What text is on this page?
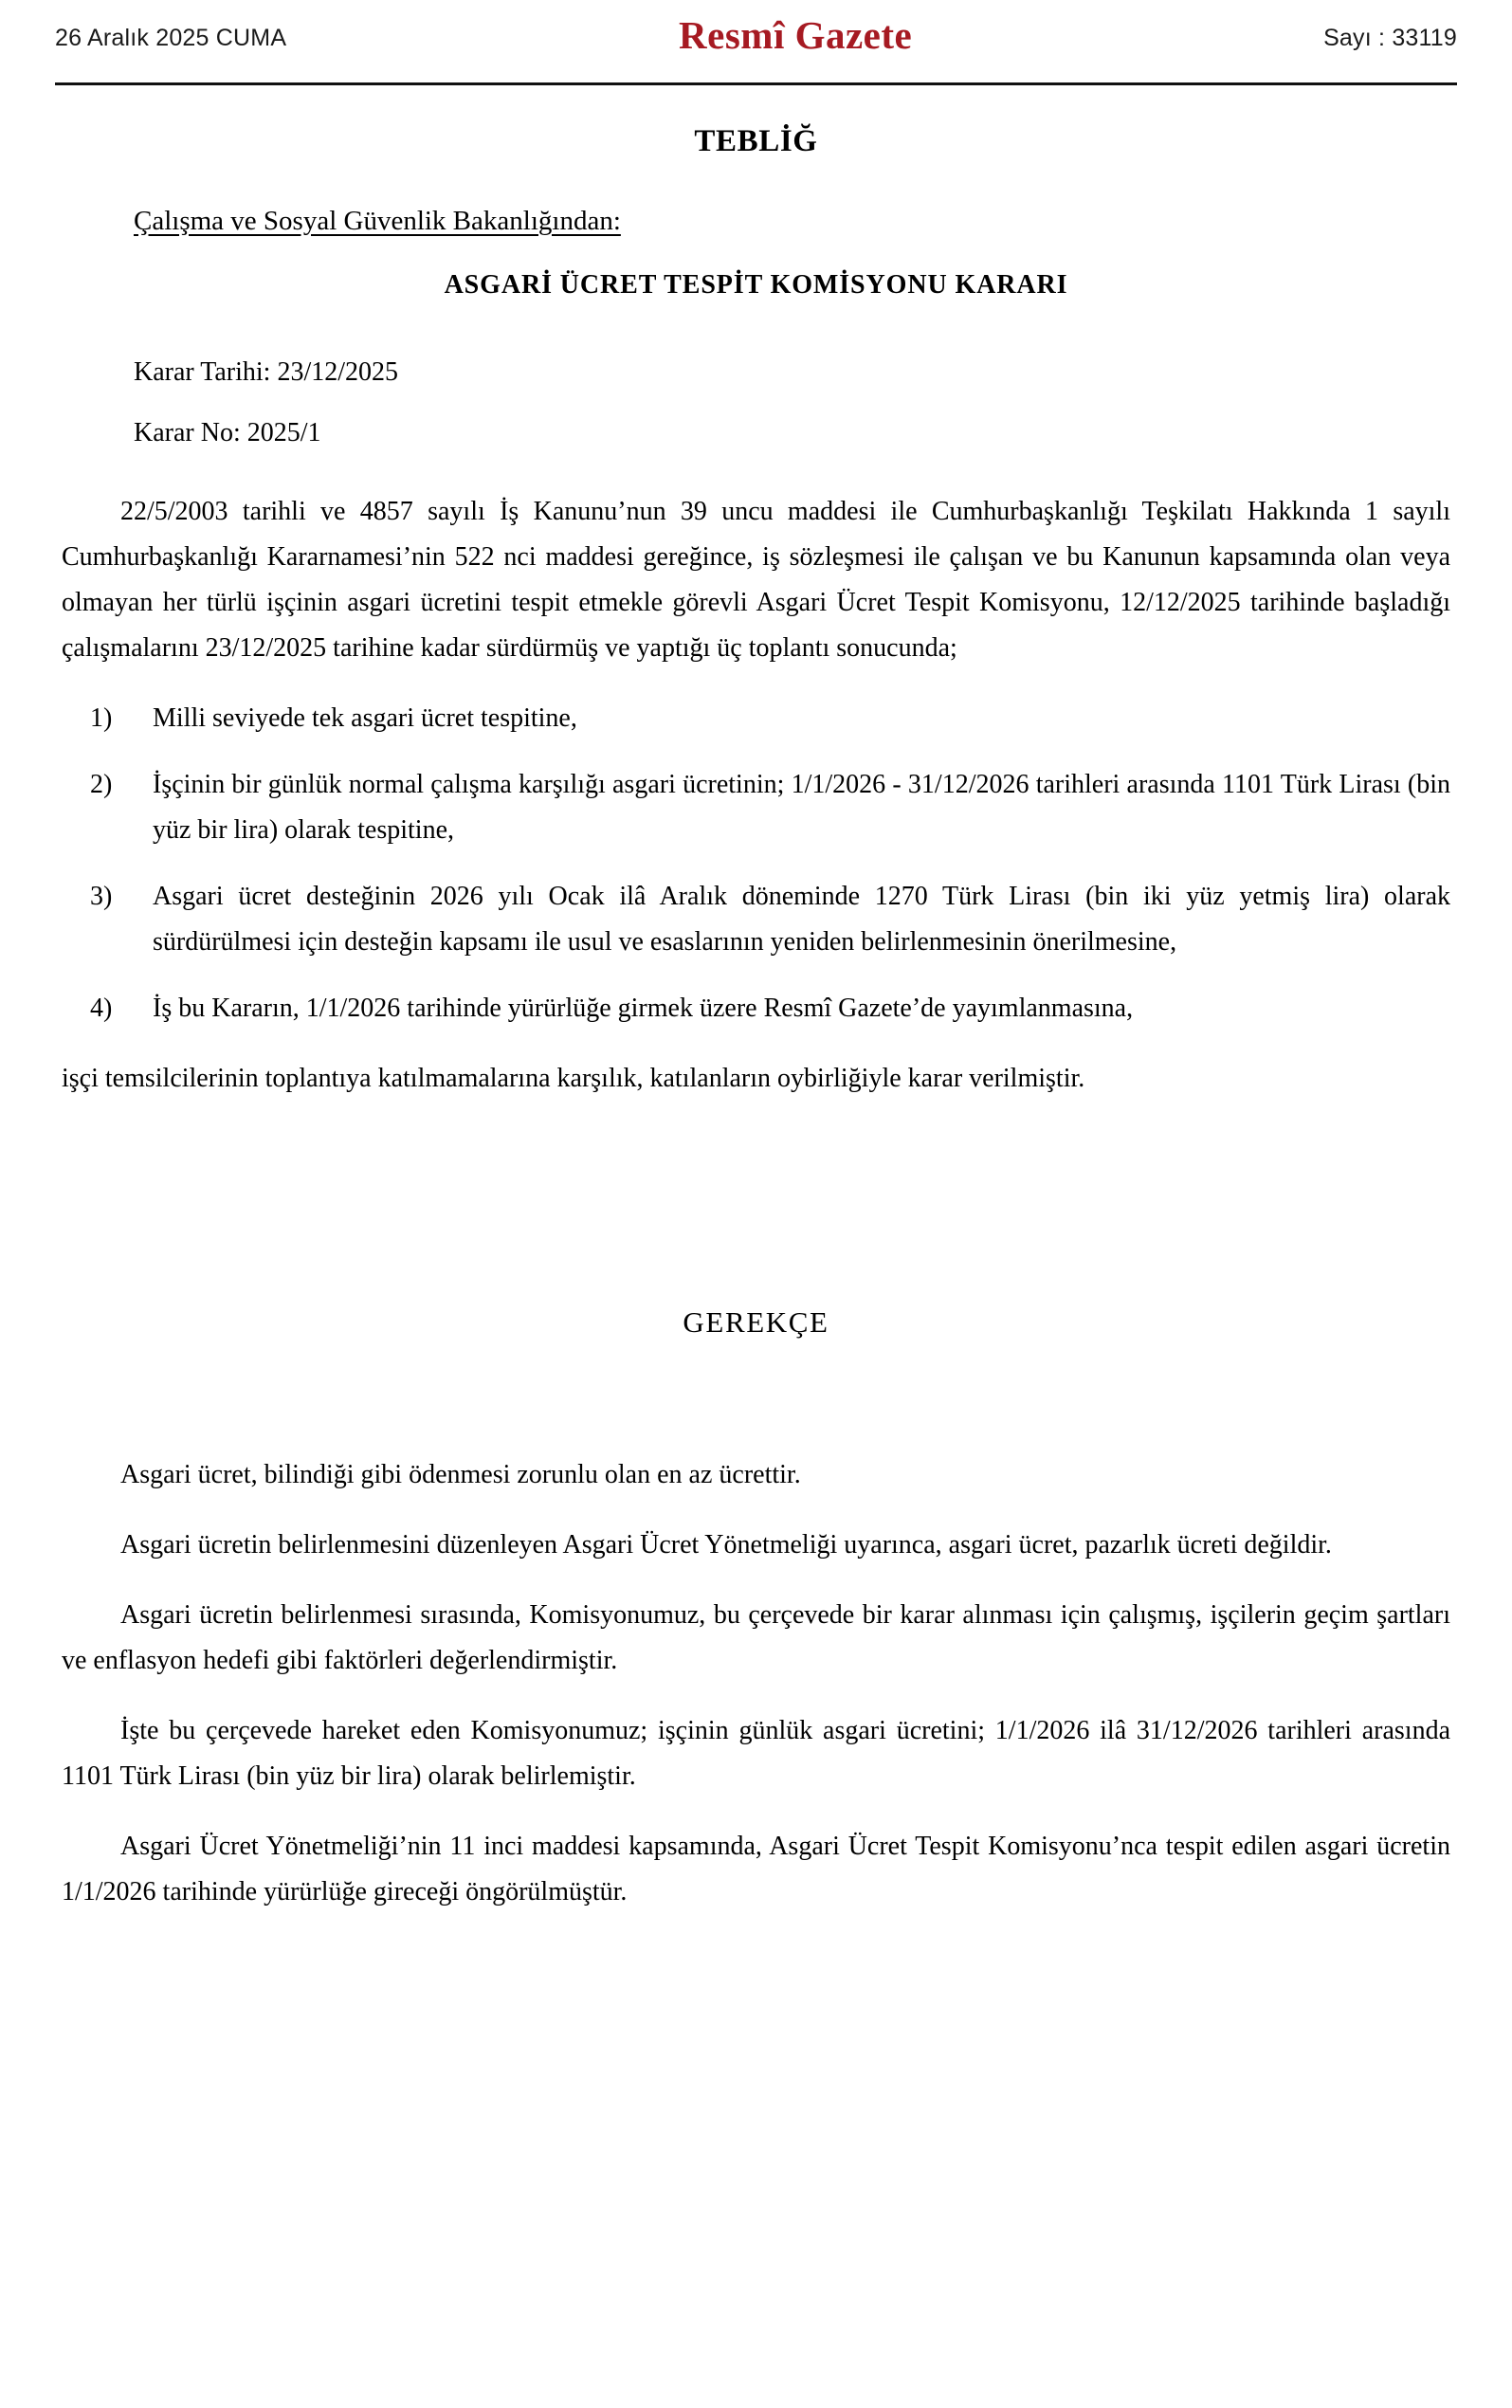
26 Aralık 2025 CUMA	Resmî Gazete	Sayı : 33119
TEBLİĞ
Çalışma ve Sosyal Güvenlik Bakanlığından:
ASGARİ ÜCRET TESPİT KOMİSYONU KARARI
Karar Tarihi: 23/12/2025
Karar No: 2025/1

22/5/2003 tarihli ve 4857 sayılı İş Kanunu’nun 39 uncu maddesi ile Cumhurbaşkanlığı Teşkilatı Hakkında 1 sayılı Cumhurbaşkanlığı Kararnamesi’nin 522 nci maddesi gereğince, iş sözleşmesi ile çalışan ve bu Kanunun kapsamında olan veya olmayan her türlü işçinin asgari ücretini tespit etmekle görevli Asgari Ücret Tespit Komisyonu, 12/12/2025 tarihinde başladığı çalışmalarını 23/12/2025 tarihine kadar sürdürmüş ve yaptığı üç toplantı sonucunda;

1)	Milli seviyede tek asgari ücret tespitine,
2)	İşçinin bir günlük normal çalışma karşılığı asgari ücretinin; 1/1/2026 - 31/12/2026 tarihleri arasında 1101 Türk Lirası (bin yüz bir lira) olarak tespitine,
3)	Asgari ücret desteğinin 2026 yılı Ocak ilâ Aralık döneminde 1270 Türk Lirası (bin iki yüz yetmiş lira) olarak sürdürülmesi için desteğin kapsamı ile usul ve esaslarının yeniden belirlenmesinin önerilmesine,
4)	İş bu Kararın, 1/1/2026 tarihinde yürürlüğe girmek üzere Resmî Gazete’de yayımlanmasına,

işçi temsilcilerinin toplantıya katılmamalarına karşılık, katılanların oybirliğiyle karar verilmiştir.

GEREKÇE

Asgari ücret, bilindiği gibi ödenmesi zorunlu olan en az ücrettir.

Asgari ücretin belirlenmesini düzenleyen Asgari Ücret Yönetmeliği uyarınca, asgari ücret, pazarlık ücreti değildir.

Asgari ücretin belirlenmesi sırasında, Komisyonumuz, bu çerçevede bir karar alınması için çalışmış, işçilerin geçim şartları ve enflasyon hedefi gibi faktörleri değerlendirmiştir.

İşte bu çerçevede hareket eden Komisyonumuz; işçinin günlük asgari ücretini; 1/1/2026 ilâ 31/12/2026 tarihleri arasında 1101 Türk Lirası (bin yüz bir lira) olarak belirlemiştir.

Asgari Ücret Yönetmeliği’nin 11 inci maddesi kapsamında, Asgari Ücret Tespit Komisyonu’nca tespit edilen asgari ücretin 1/1/2026 tarihinde yürürlüğe gireceği öngörülmüştür.
